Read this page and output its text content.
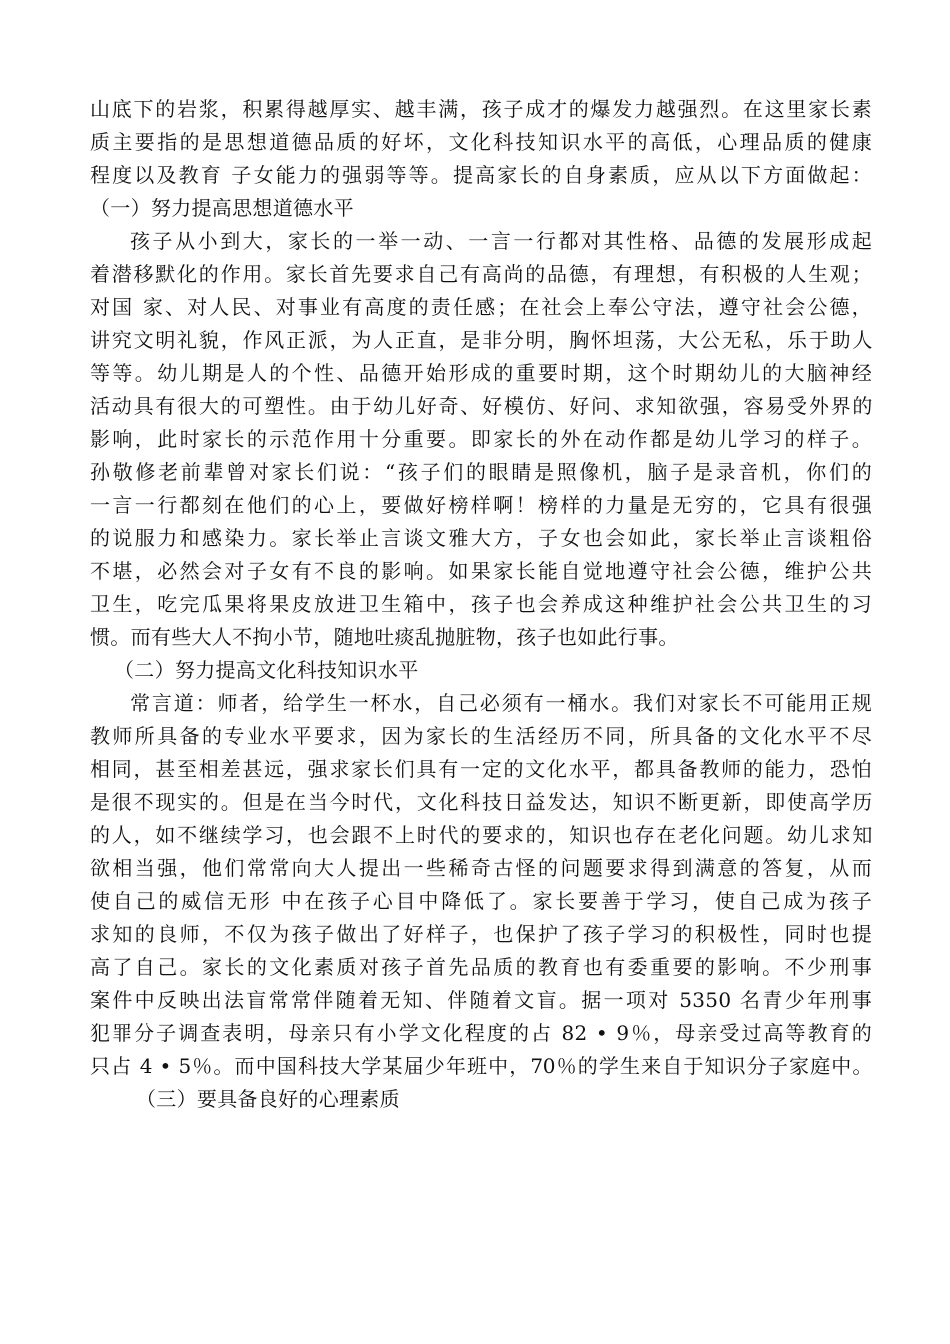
山底下的岩浆，积累得越厚实、越丰满，孩子成才的爆发力越强烈。在这里家长素
质主要指的是思想道德品质的好坏，文化科技知识水平的高低，心理品质的健康
程度以及教育 子女能力的强弱等等。提高家长的自身素质，应从以下方面做起：
（一）努力提高思想道德水平
孩子从小到大，家长的一举一动、一言一行都对其性格、品德的发展形成起
着潜移默化的作用。家长首先要求自己有高尚的品德，有理想，有积极的人生观；
对国 家、对人民、对事业有高度的责任感；在社会上奉公守法，遵守社会公德，
讲究文明礼貌，作风正派，为人正直，是非分明，胸怀坦荡，大公无私，乐于助人
等等。幼儿期是人的个性、品德开始形成的重要时期，这个时期幼儿的大脑神经
活动具有很大的可塑性。由于幼儿好奇、好模仿、好问、求知欲强，容易受外界的
影响，此时家长的示范作用十分重要。即家长的外在动作都是幼儿学习的样子。
孙敬修老前辈曾对家长们说：“孩子们的眼睛是照像机，脑子是录音机，你们的
一言一行都刻在他们的心上，要做好榜样啊！榜样的力量是无穷的，它具有很强
的说服力和感染力。家长举止言谈文雅大方，子女也会如此，家长举止言谈粗俗
不堪，必然会对子女有不良的影响。如果家长能自觉地遵守社会公德，维护公共
卫生，吃完瓜果将果皮放进卫生箱中，孩子也会养成这种维护社会公共卫生的习
惯。而有些大人不拘小节，随地吐痰乱抛脏物，孩子也如此行事。
（二）努力提高文化科技知识水平
常言道：师者，给学生一杯水，自己必须有一桶水。我们对家长不可能用正规
教师所具备的专业水平要求，因为家长的生活经历不同，所具备的文化水平不尽
相同，甚至相差甚远，强求家长们具有一定的文化水平，都具备教师的能力，恐怕
是很不现实的。但是在当今时代，文化科技日益发达，知识不断更新，即使高学历
的人，如不继续学习，也会跟不上时代的要求的，知识也存在老化问题。幼儿求知
欲相当强，他们常常向大人提出一些稀奇古怪的问题要求得到满意的答复，从而
使自己的威信无形 中在孩子心目中降低了。家长要善于学习，使自己成为孩子
求知的良师，不仅为孩子做出了好样子，也保护了孩子学习的积极性，同时也提
高了自己。家长的文化素质对孩子首先品质的教育也有委重要的影响。不少刑事
案件中反映出法盲常常伴随着无知、伴随着文盲。据一项对 5350 名青少年刑事
犯罪分子调查表明，母亲只有小学文化程度的占 82 • 9％，母亲受过高等教育的
只占 4 • 5％。而中国科技大学某届少年班中，70％的学生来自于知识分子家庭中。
（三）要具备良好的心理素质
